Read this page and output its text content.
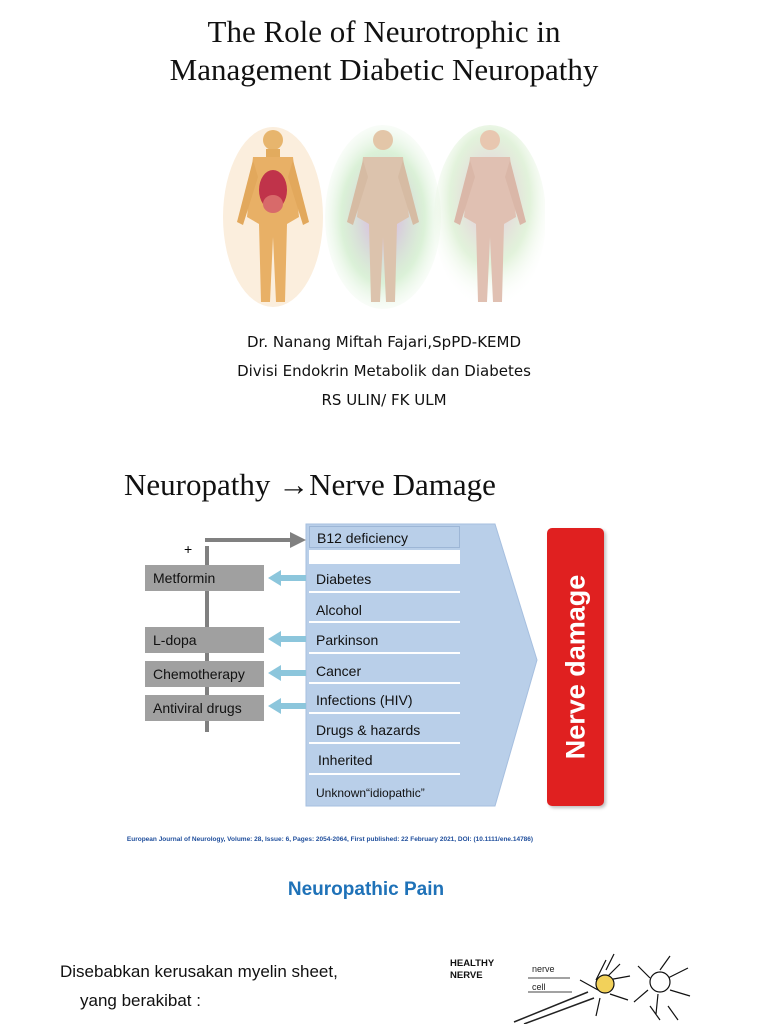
The Role of Neurotrophic in
Management Diabetic Neuropathy
Dr. Nanang Miftah Fajari,SpPD-KEMD
Divisi Endokrin Metabolik dan Diabetes
RS ULIN/ FK ULM
Neuropathy →Nerve Damage
+
Metformin
L-dopa
Chemotherapy
Antiviral drugs
B12 deficiency
Diabetes
Alcohol
Parkinson
Cancer
Infections (HIV)
Drugs & hazards
Inherited
Unknown“idiopathic”
Nerve damage
European Journal of Neurology, Volume: 28, Issue: 6, Pages: 2054-2064, First published: 22 February 2021, DOI: (10.1111/ene.14786)
Neuropathic Pain
Disebabkan kerusakan myelin sheet,
yang berakibat :
HEALTHY
NERVE
nerve
cell
